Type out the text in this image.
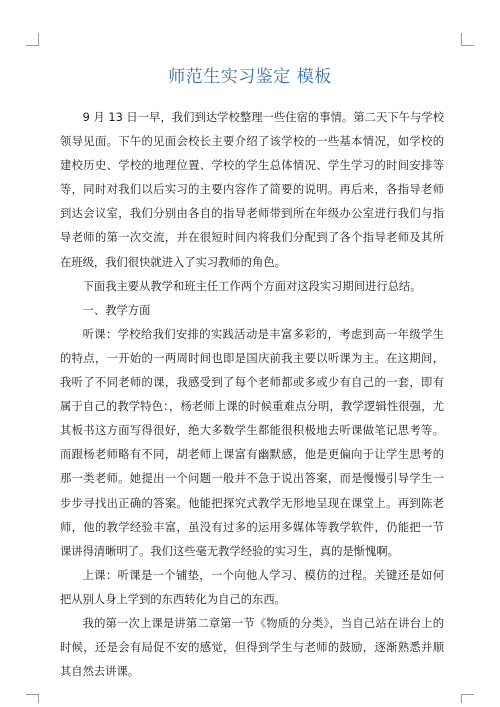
师范生实习鉴定 模板

9 月 13 日一早，我们到达学校整理一些住宿的事情。第二天下午与学校领导见面。下午的见面会校长主要介绍了该学校的一些基本情况，如学校的建校历史、学校的地理位置、学校的学生总体情况、学生学习的时间安排等等，同时对我们以后实习的主要内容作了简要的说明。再后来，各指导老师到达会议室，我们分别由各自的指导老师带到所在年级办公室进行我们与指导老师的第一次交流，并在很短时间内将我们分配到了各个指导老师及其所在班级，我们很快就进入了实习教师的角色。

下面我主要从教学和班主任工作两个方面对这段实习期间进行总结。

一、教学方面

听课：学校给我们安排的实践活动是丰富多彩的，考虑到高一年级学生的特点，一开始的一两周时间也即是国庆前我主要以听课为主。在这期间，我听了不同老师的课，我感受到了每个老师都或多或少有自己的一套，即有属于自己的教学特色：，杨老师上课的时候重难点分明，教学逻辑性很强，尤其板书这方面写得很好，绝大多数学生都能很积极地去听课做笔记思考等。而跟杨老师略有不同，胡老师上课富有幽默感，他是更偏向于让学生思考的那一类老师。她提出一个问题一般并不急于说出答案，而是慢慢引导学生一步步寻找出正确的答案。他能把探究式教学无形地呈现在课堂上。再到陈老师，他的教学经验丰富，虽没有过多的运用多媒体等教学软件，仍能把一节课讲得清晰明了。我们这些毫无教学经验的实习生，真的是惭愧啊。

上课：听课是一个铺垫，一个向他人学习、模仿的过程。关键还是如何把从别人身上学到的东西转化为自己的东西。

我的第一次上课是讲第二章第一节《物质的分类》，当自己站在讲台上的时候，还是会有局促不安的感觉，但得到学生与老师的鼓励，逐渐熟悉并顺其自然去讲课。
